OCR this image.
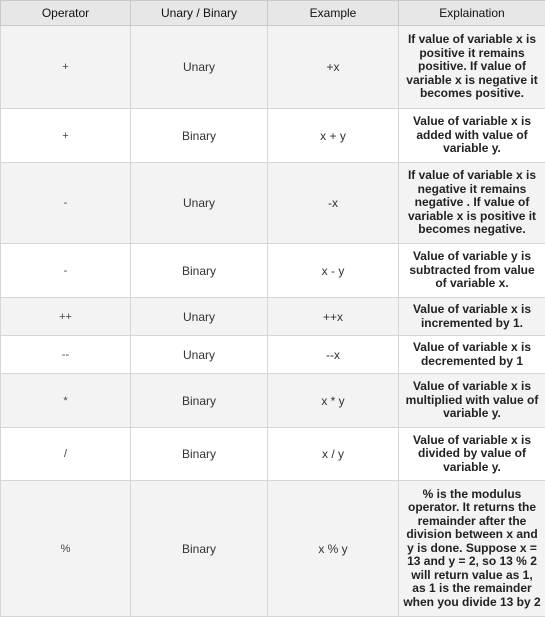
Operator	Unary / Binary	Example	Explaination
+	Unary	+x	If value of variable x is positive it remains positive. If value of variable x is negative it becomes positive.
+	Binary	x + y	Value of variable x is added with value of variable y.
-	Unary	-x	If value of variable x is negative it remains negative . If value of variable x is positive it becomes negative.
-	Binary	x - y	Value of variable y is subtracted from value of variable x.
++	Unary	++x	Value of variable x is incremented by 1.
--	Unary	--x	Value of variable x is decremented by 1
*	Binary	x * y	Value of variable x is multiplied with value of variable y.
/	Binary	x / y	Value of variable x is divided by value of variable y.
%	Binary	x % y	% is the modulus operator. It returns the remainder after the division between x and y is done. Suppose x = 13 and y = 2, so 13 % 2 will return value as 1, as 1 is the remainder when you divide 13 by 2
